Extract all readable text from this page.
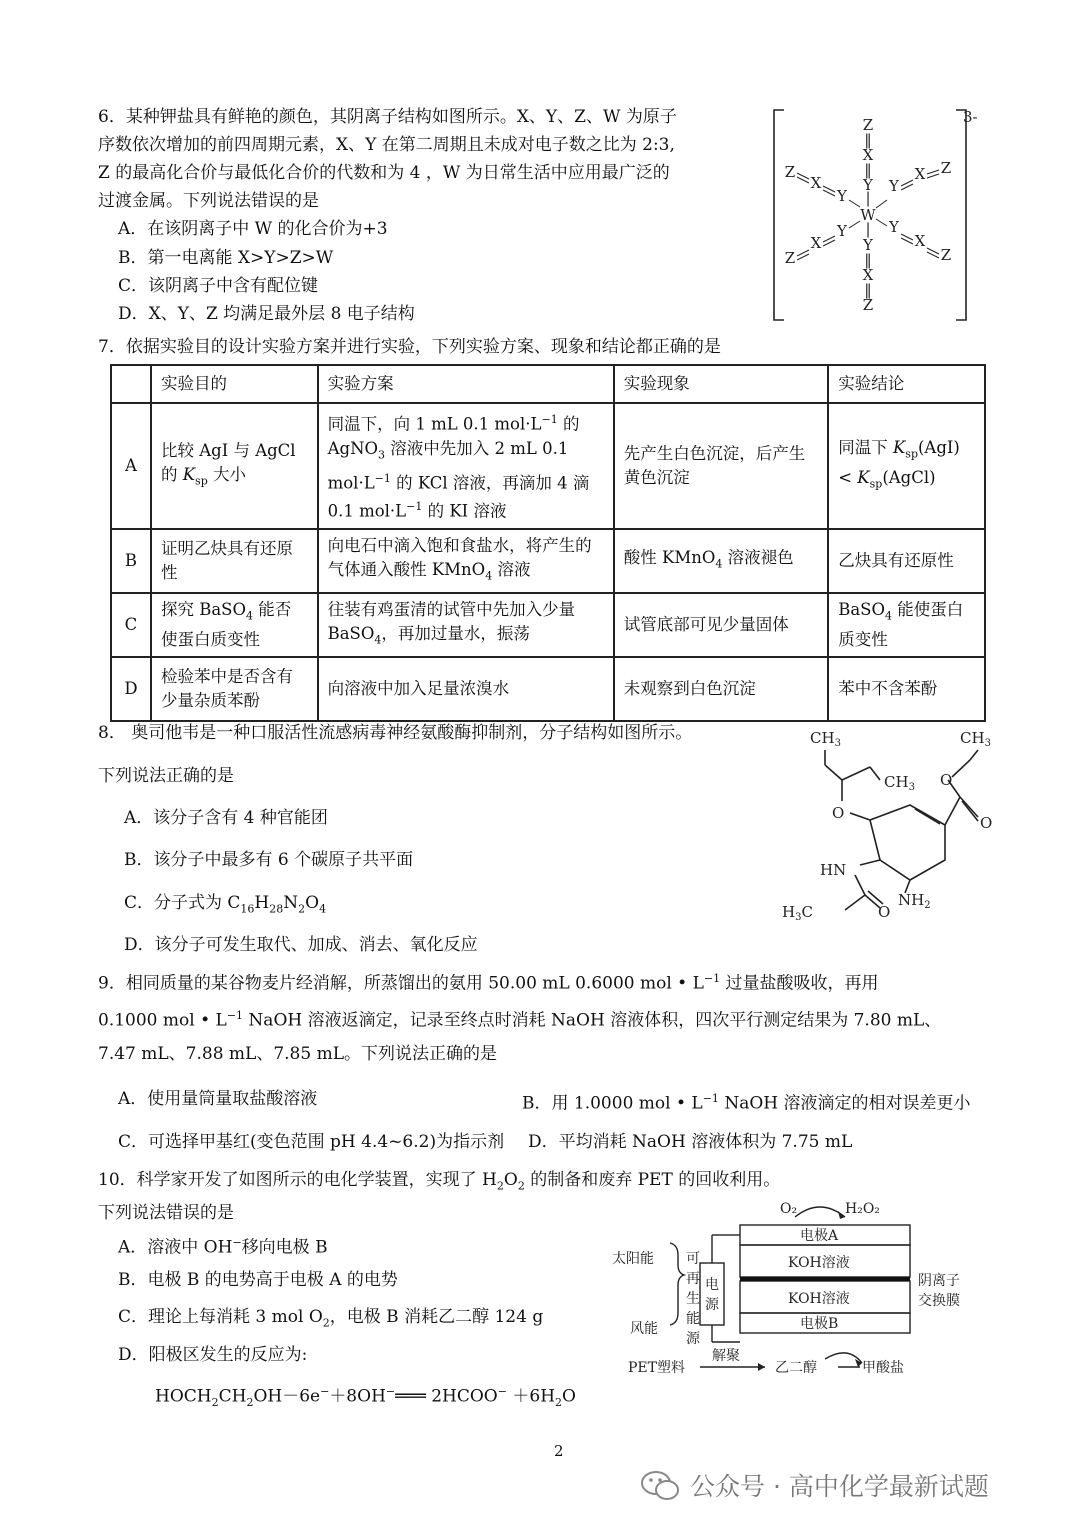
6．某种钾盐具有鲜艳的颜色，其阴离子结构如图所示。X、Y、Z、W 为原子
序数依次增加的前四周期元素，X、Y 在第二周期且未成对电子数之比为 2:3,
Z 的最高化合价与最低化合价的代数和为 4 ，W 为日常生活中应用最广泛的
过渡金属。下列说法错误的是
A．在该阴离子中 W 的化合价为+3
B．第一电离能 X>Y>Z>W
C．该阴离子中含有配位键
D．X、Y、Z 均满足最外层 8 电子结构
Z
‖
X
‖
Y
|
W
|
Y
‖
X
‖
Z
Z
X
Y
Y
X Z
Z
X
Y	Y
X
Z
3-
7．依据实验目的设计实验方案并进行实验，下列实验方案、现象和结论都正确的是
	实验目的	实验方案	实验现象	实验结论
A	比较 AgI 与 AgCl 的 $K_{sp}$ 大小	同温下，向 1 mL 0.1 $mol\cdot L^{-1}$ 的 AgNO$_3$ 溶液中先加入 2 mL 0.1 $mol\cdot L^{-1}$ 的 KCl 溶液，再滴加 4 滴 0.1 $mol\cdot L^{-1}$ 的 KI 溶液	先产生白色沉淀，后产生黄色沉淀	同温下 $K_{sp}(AgI)$
< $K_{sp}(AgCl)$
B	证明乙炔具有还原性	向电石中滴入饱和食盐水，将产生的气体通入酸性 KMnO$_4$ 溶液	酸性 KMnO$_4$ 溶液褪色	乙炔具有还原性
C	探究 BaSO$_4$ 能否使蛋白质变性	往装有鸡蛋清的试管中先加入少量 BaSO$_4$，再加过量水，振荡	试管底部可见少量固体	BaSO$_4$ 能使蛋白质变性
D	检验苯中是否含有少量杂质苯酚	向溶液中加入足量浓溴水	未观察到白色沉淀	苯中不含苯酚
8． 奥司他韦是一种口服活性流感病毒神经氨酸酶抑制剂，分子结构如图所示。
下列说法正确的是
A．该分子含有 4 种官能团
B．该分子中最多有 6 个碳原子共平面
C．分子式为 $C_{16}H_{28}N_2O_4$
D．该分子可发生取代、加成、消去、氧化反应
$CH_3$	$CH_3$
$CH_3$ O
O
O
HN
$H_3C$	O
$NH_2$
9．相同质量的某谷物麦片经消解，所蒸馏出的氨用 50.00 mL 0.6000 mol • $L^{-1}$ 过量盐酸吸收，再用
0.1000 mol • $L^{-1}$ NaOH 溶液返滴定，记录至终点时消耗 NaOH 溶液体积，四次平行测定结果为 7.80 mL、
7.47 mL、7.88 mL、7.85 mL。下列说法正确的是
A．使用量筒量取盐酸溶液	B．用 1.0000 mol • $L^{-1}$ NaOH 溶液滴定的相对误差更小
C．可选择甲基红(变色范围 pH 4.4~6.2)为指示剂 D．平均消耗 NaOH 溶液体积为 7.75 mL
10．科学家开发了如图所示的电化学装置，实现了 $H_2O_2$ 的制备和废弃 PET 的回收利用。
下列说法错误的是
A．溶液中 OH−移向电极 B
B．电极 B 的电势高于电极 A 的电势
C．理论上每消耗 3 mol $O_2$，电极 B 消耗乙二醇 124 g
D．阳极区发生的反应为:
$HOCH_2CH_2OH-6e^-+8OH^-═══$ 2HCOO− $+6H_2O$
O₂	H₂O₂
太阳能
风能
可
再
生
能
源
电
源
电极A
KOH溶液
KOH溶液
电极B
阴离子
交换膜
PET塑料
解聚
乙二醇	甲酸盐
2
公众号 · 高中化学最新试题
